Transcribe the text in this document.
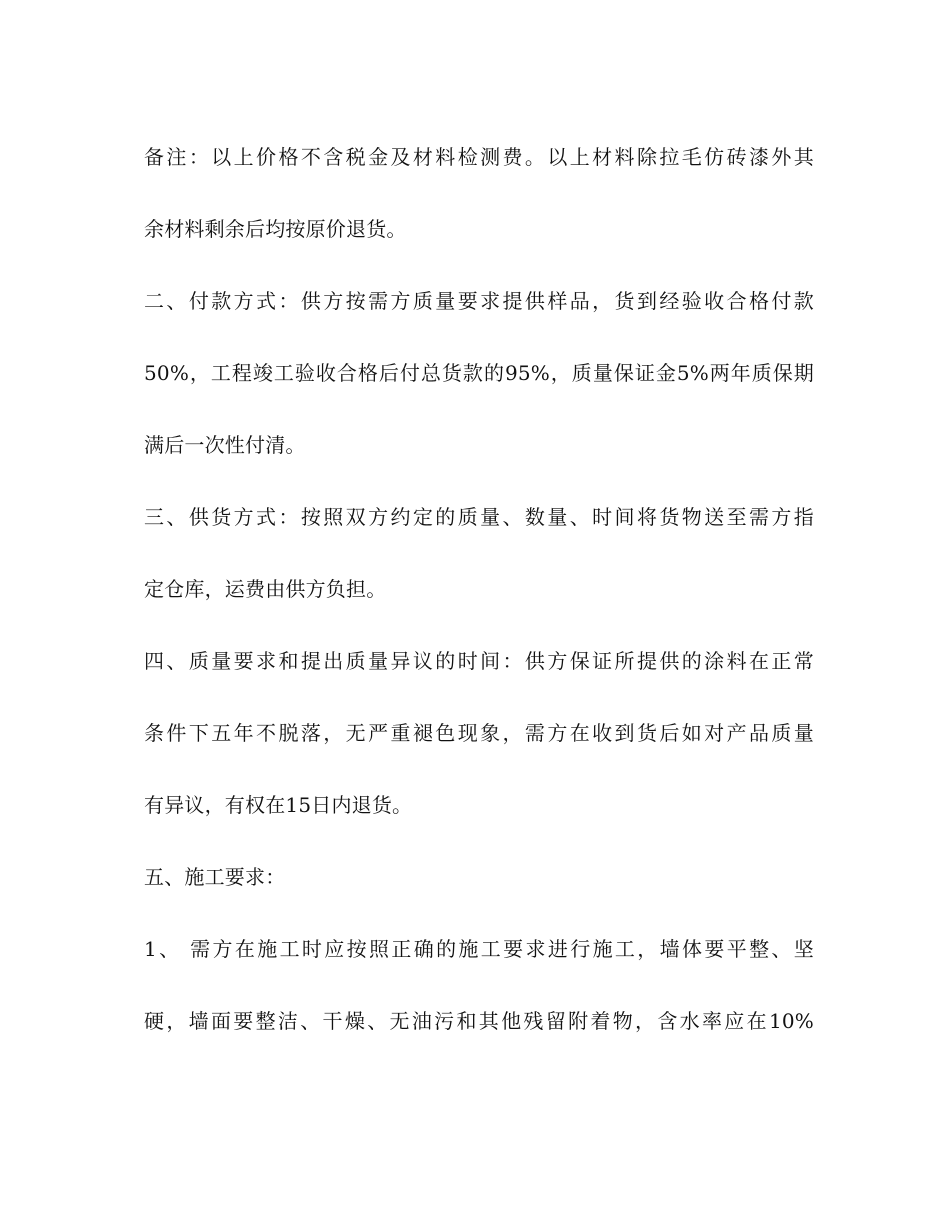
备注：以上价格不含税金及材料检测费。以上材料除拉毛仿砖漆外其
余材料剩余后均按原价退货。
二、付款方式：供方按需方质量要求提供样品，货到经验收合格付款
50%，工程竣工验收合格后付总货款的95%，质量保证金5%两年质保期
满后一次性付清。
三、供货方式：按照双方约定的质量、数量、时间将货物送至需方指
定仓库，运费由供方负担。
四、质量要求和提出质量异议的时间：供方保证所提供的涂料在正常
条件下五年不脱落，无严重褪色现象，需方在收到货后如对产品质量
有异议，有权在15日内退货。
五、施工要求：
1、 需方在施工时应按照正确的施工要求进行施工，墙体要平整、坚
硬，墙面要整洁、干燥、无油污和其他残留附着物，含水率应在10%
